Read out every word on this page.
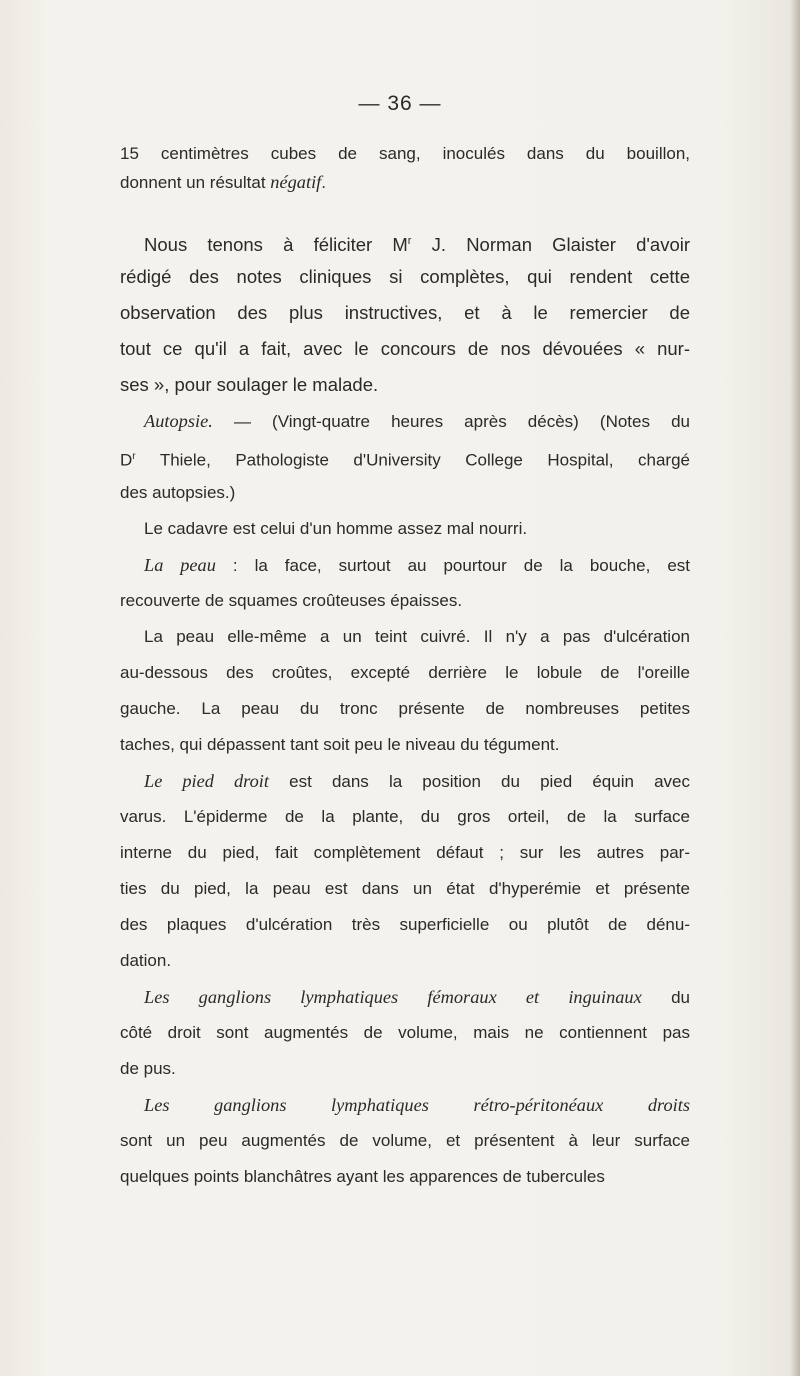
— 36 —
15 centimètres cubes de sang, inoculés dans du bouillon,
donnent un résultat négatif.
Nous tenons à féliciter $M^r$ J. Norman Glaister d'avoir
rédigé des notes cliniques si complètes, qui rendent cette
observation des plus instructives, et à le remercier de
tout ce qu'il a fait, avec le concours de nos dévouées « nur-
ses », pour soulager le malade.
Autopsie. — (Vingt-quatre heures après décès) (Notes du
$D^r$ Thiele, Pathologiste d'University College Hospital, chargé
des autopsies.)
Le cadavre est celui d'un homme assez mal nourri.
La peau : la face, surtout au pourtour de la bouche, est
recouverte de squames croûteuses épaisses.
La peau elle-même a un teint cuivré. Il n'y a pas d'ulcération
au-dessous des croûtes, excepté derrière le lobule de l'oreille
gauche. La peau du tronc présente de nombreuses petites
taches, qui dépassent tant soit peu le niveau du tégument.
Le pied droit est dans la position du pied équin avec
varus. L'épiderme de la plante, du gros orteil, de la surface
interne du pied, fait complètement défaut ; sur les autres par-
ties du pied, la peau est dans un état d'hyperémie et présente
des plaques d'ulcération très superficielle ou plutôt de dénu-
dation.
Les ganglions lymphatiques fémoraux et inguinaux du
côté droit sont augmentés de volume, mais ne contiennent pas
de pus.
Les ganglions lymphatiques rétro-péritonéaux droits
sont un peu augmentés de volume, et présentent à leur surface
quelques points blanchâtres ayant les apparences de tubercules
